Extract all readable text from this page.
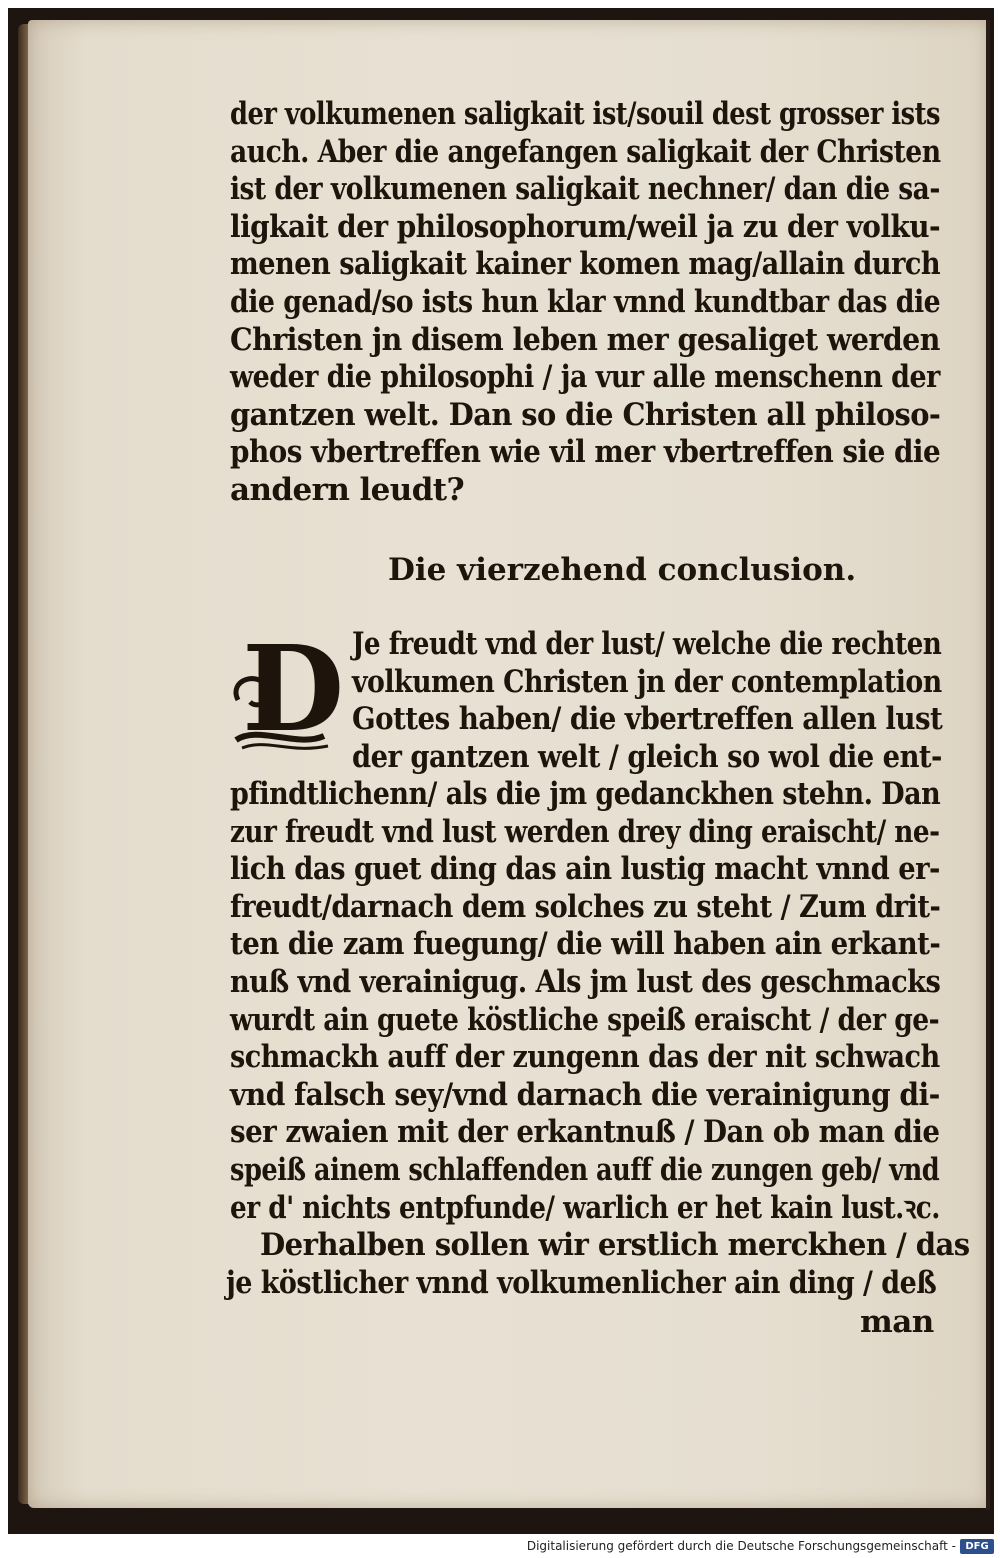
der volkumenen saligkait ist/souil dest grosser ists
auch. Aber die angefangen saligkait der Christen
ist der volkumenen saligkait nechner/ dan die sa-
ligkait der philosophorum/weil ja zu der volku-
menen saligkait kainer komen mag/allain durch
die genad/so ists hun klar vnnd kundtbar das die
Christen jn disem leben mer gesaliget werden
weder die philosophi / ja vur alle menschenn der
gantzen welt. Dan so die Christen all philoso-
phos vbertreffen wie vil mer vbertreffen sie die
andern leudt?
Die vierzehend conclusion.
D Je freudt vnd der lust/ welche die rechten
volkumen Christen jn der contemplation
Gottes haben/ die vbertreffen allen lust
der gantzen welt / gleich so wol die ent-
pfindtlichenn/ als die jm gedanckhen stehn. Dan
zur freudt vnd lust werden drey ding eraischt/ ne-
lich das guet ding das ain lustig macht vnnd er-
freudt/darnach dem solches zu steht / Zum drit-
ten die zam fuegung/ die will haben ain erkant-
nuß vnd verainigug. Als jm lust des geschmacks
wurdt ain guete köstliche speiß eraischt / der ge-
schmackh auff der zungenn das der nit schwach
vnd falsch sey/vnd darnach die verainigung di-
ser zwaien mit der erkantnuß / Dan ob man die
speiß ainem schlaffenden auff die zungen geb/ vnd
er d' nichts entpfunde/ warlich er het kain lust.ꝛc.
Derhalben sollen wir erstlich merckhen / das
je köstlicher vnnd volkumenlicher ain ding / deß
man
Digitalisierung gefördert durch die Deutsche Forschungsgemeinschaft - DFG
